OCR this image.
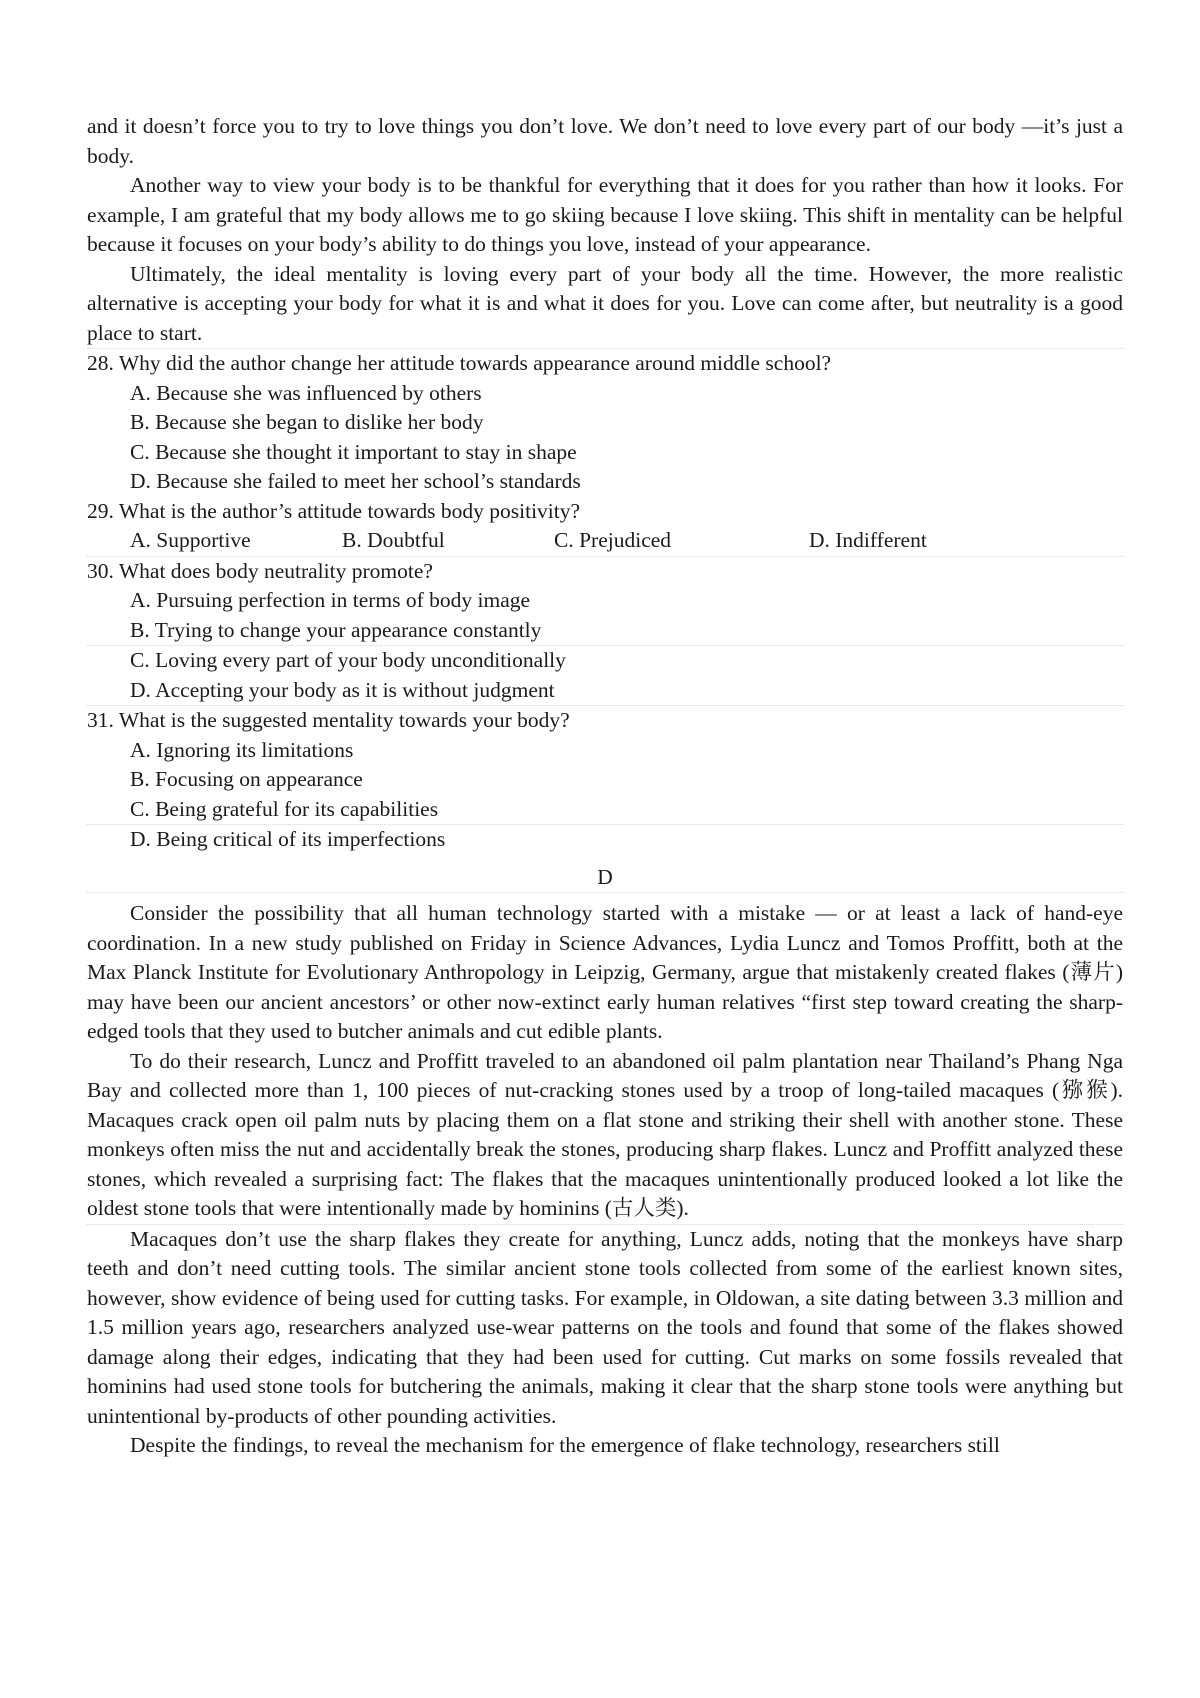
and it doesn’t force you to try to love things you don’t love. We don’t need to love every part of our body —it’s just a body.

Another way to view your body is to be thankful for everything that it does for you rather than how it looks. For example, I am grateful that my body allows me to go skiing because I love skiing. This shift in mentality can be helpful because it focuses on your body’s ability to do things you love, instead of your appearance.

Ultimately, the ideal mentality is loving every part of your body all the time. However, the more realistic alternative is accepting your body for what it is and what it does for you. Love can come after, but neutrality is a good place to start.

28. Why did the author change her attitude towards appearance around middle school?

A. Because she was influenced by others

B. Because she began to dislike her body

C. Because she thought it important to stay in shape

D. Because she failed to meet her school’s standards

29. What is the author’s attitude towards body positivity?

A. Supportive	B. Doubtful	C. Prejudiced	D. Indifferent

30. What does body neutrality promote?

A. Pursuing perfection in terms of body image

B. Trying to change your appearance constantly

C. Loving every part of your body unconditionally

D. Accepting your body as it is without judgment

31. What is the suggested mentality towards your body?

A. Ignoring its limitations

B. Focusing on appearance

C. Being grateful for its capabilities

D. Being critical of its imperfections

D

Consider the possibility that all human technology started with a mistake — or at least a lack of hand-eye coordination. In a new study published on Friday in Science Advances, Lydia Luncz and Tomos Proffitt, both at the Max Planck Institute for Evolutionary Anthropology in Leipzig, Germany, argue that mistakenly created flakes (薄片) may have been our ancient ancestors’ or other now-extinct early human relatives “first step toward creating the sharp-edged tools that they used to butcher animals and cut edible plants.

To do their research, Luncz and Proffitt traveled to an abandoned oil palm plantation near Thailand’s Phang Nga Bay and collected more than 1, 100 pieces of nut-cracking stones used by a troop of long-tailed macaques (猕猴). Macaques crack open oil palm nuts by placing them on a flat stone and striking their shell with another stone. These monkeys often miss the nut and accidentally break the stones, producing sharp flakes. Luncz and Proffitt analyzed these stones, which revealed a surprising fact: The flakes that the macaques unintentionally produced looked a lot like the oldest stone tools that were intentionally made by hominins (古人类).

Macaques don’t use the sharp flakes they create for anything, Luncz adds, noting that the monkeys have sharp teeth and don’t need cutting tools. The similar ancient stone tools collected from some of the earliest known sites, however, show evidence of being used for cutting tasks. For example, in Oldowan, a site dating between 3.3 million and 1.5 million years ago, researchers analyzed use-wear patterns on the tools and found that some of the flakes showed damage along their edges, indicating that they had been used for cutting. Cut marks on some fossils revealed that hominins had used stone tools for butchering the animals, making it clear that the sharp stone tools were anything but unintentional by-products of other pounding activities.

Despite the findings, to reveal the mechanism for the emergence of flake technology, researchers still
